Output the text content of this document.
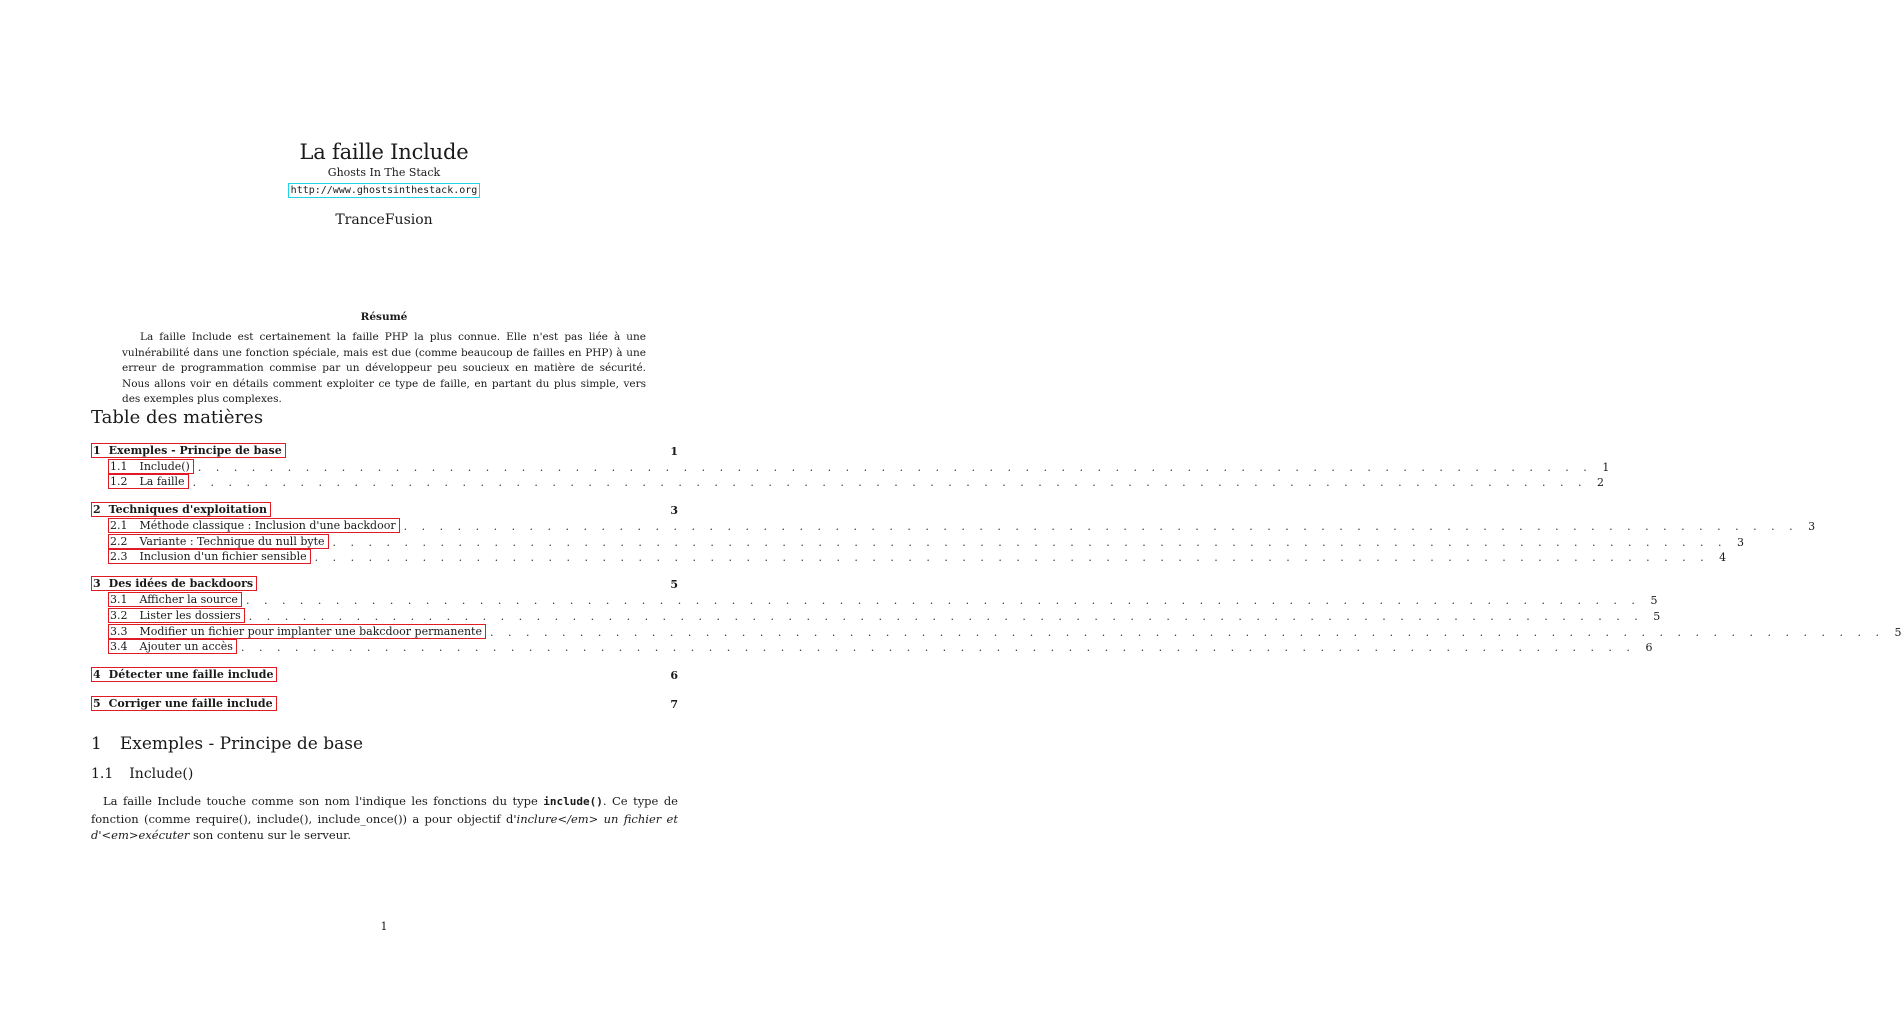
La faille Include
Ghosts In The Stack
http://www.ghostsinthestack.org
TranceFusion
Résumé

La faille Include est certainement la faille PHP la plus connue. Elle n'est pas liée à une vulnérabilité dans une fonction spéciale, mais est due (comme beaucoup de failles en PHP) à une erreur de programmation commise par un développeur peu soucieux en matière de sécurité. Nous allons voir en détails comment exploiter ce type de faille, en partant du plus simple, vers des exemples plus complexes.

Table des matières
1 Exemples - Principe de base	1
1.1 Include() . . . . . . . . . . . . . . . . . . . . . . . . . . . . . . . . . . . . . . . . . . . . . . . . . . . . . . . . . . . . . . . . . . . . . . . . . . . . . . 1
1.2 La faille . . . . . . . . . . . . . . . . . . . . . . . . . . . . . . . . . . . . . . . . . . . . . . . . . . . . . . . . . . . . . . . . . . . . . . . . . . . . . . 2
2 Techniques d'exploitation	3
2.1 Méthode classique : Inclusion d'une backdoor . . . . . . . . . . . . . . . . . . . . . . . . . . . . . . . . . . . . . . . . . . . . . . . . . . . . . . . . . . . . . . . . . . . . . . . . . . . . . . 3
2.2 Variante : Technique du null byte . . . . . . . . . . . . . . . . . . . . . . . . . . . . . . . . . . . . . . . . . . . . . . . . . . . . . . . . . . . . . . . . . . . . . . . . . . . . . . 3
2.3 Inclusion d'un fichier sensible . . . . . . . . . . . . . . . . . . . . . . . . . . . . . . . . . . . . . . . . . . . . . . . . . . . . . . . . . . . . . . . . . . . . . . . . . . . . . . 4
3 Des idées de backdoors	5
3.1 Afficher la source . . . . . . . . . . . . . . . . . . . . . . . . . . . . . . . . . . . . . . . . . . . . . . . . . . . . . . . . . . . . . . . . . . . . . . . . . . . . . . 5
3.2 Lister les dossiers . . . . . . . . . . . . . . . . . . . . . . . . . . . . . . . . . . . . . . . . . . . . . . . . . . . . . . . . . . . . . . . . . . . . . . . . . . . . . . 5
3.3 Modifier un fichier pour implanter une bakcdoor permanente . . . . . . . . . . . . . . . . . . . . . . . . . . . . . . . . . . . . . . . . . . . . . . . . . . . . . . . . . . . . . . . . . . . . . . . . . . . . . . 5
3.4 Ajouter un accès . . . . . . . . . . . . . . . . . . . . . . . . . . . . . . . . . . . . . . . . . . . . . . . . . . . . . . . . . . . . . . . . . . . . . . . . . . . . . . 6
4 Détecter une faille include	6
5 Corriger une faille include	7
1 Exemples - Principe de base
1.1 Include()

La faille Include touche comme son nom l'indique les fonctions du type include(). Ce type de fonction (comme require(), include(), include_once()) a pour objectif d'inclure</em> un fichier et d'<em>exécuter son contenu sur le serveur.

1
